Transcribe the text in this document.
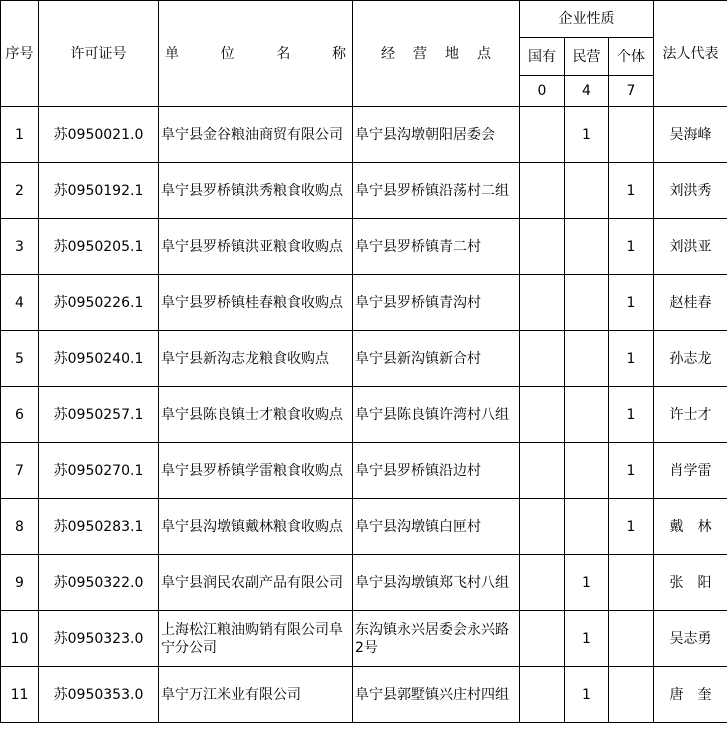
序号	许可证号	单 位 名 称	经 营 地 点	企业性质			法人代表
				国有	民营	个体	
				0	4	7	
1	苏0950021.0	阜宁县金谷粮油商贸有限公司	阜宁县沟墩朝阳居委会		1		吴海峰
2	苏0950192.1	阜宁县罗桥镇洪秀粮食收购点	阜宁县罗桥镇沿荡村二组			1	刘洪秀
3	苏0950205.1	阜宁县罗桥镇洪亚粮食收购点	阜宁县罗桥镇青二村			1	刘洪亚
4	苏0950226.1	阜宁县罗桥镇桂春粮食收购点	阜宁县罗桥镇青沟村			1	赵桂春
5	苏0950240.1	阜宁县新沟志龙粮食收购点	阜宁县新沟镇新合村			1	孙志龙
6	苏0950257.1	阜宁县陈良镇士才粮食收购点	阜宁县陈良镇许湾村八组			1	许士才
7	苏0950270.1	阜宁县罗桥镇学雷粮食收购点	阜宁县罗桥镇沿边村			1	肖学雷
8	苏0950283.1	阜宁县沟墩镇戴林粮食收购点	阜宁县沟墩镇白匣村			1	戴　林
9	苏0950322.0	阜宁县润民农副产品有限公司	阜宁县沟墩镇郑飞村八组		1		张　阳
10	苏0950323.0	上海松江粮油购销有限公司阜宁分公司	东沟镇永兴居委会永兴路2号		1		吴志勇
11	苏0950353.0	阜宁万江米业有限公司	阜宁县郭墅镇兴庄村四组		1		唐　奎
